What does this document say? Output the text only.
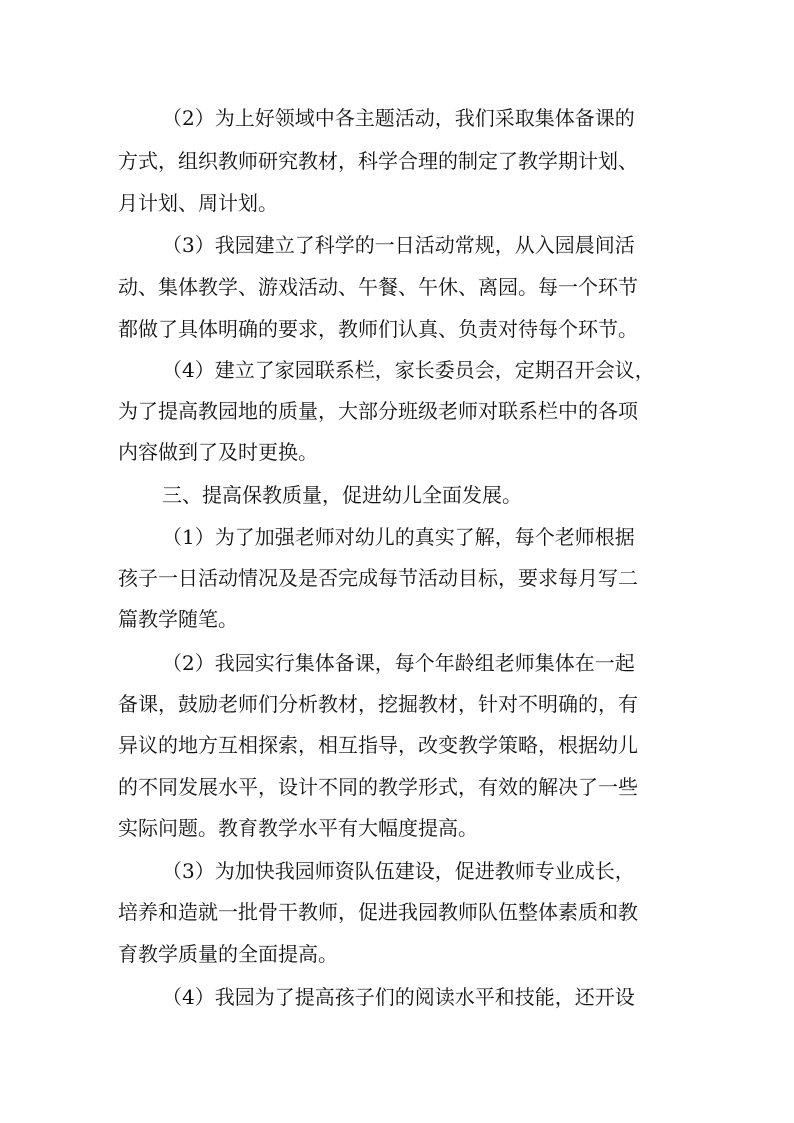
（2）为上好领域中各主题活动，我们采取集体备课的

方式，组织教师研究教材，科学合理的制定了教学期计划、

月计划、周计划。

（3）我园建立了科学的一日活动常规，从入园晨间活

动、集体教学、游戏活动、午餐、午休、离园。每一个环节

都做了具体明确的要求，教师们认真、负责对待每个环节。

（4）建立了家园联系栏，家长委员会，定期召开会议，

为了提高教园地的质量，大部分班级老师对联系栏中的各项

内容做到了及时更换。

三、提高保教质量，促进幼儿全面发展。

（1）为了加强老师对幼儿的真实了解，每个老师根据

孩子一日活动情况及是否完成每节活动目标，要求每月写二

篇教学随笔。

（2）我园实行集体备课，每个年龄组老师集体在一起

备课，鼓励老师们分析教材，挖掘教材，针对不明确的，有

异议的地方互相探索，相互指导，改变教学策略，根据幼儿

的不同发展水平，设计不同的教学形式，有效的解决了一些

实际问题。教育教学水平有大幅度提高。

（3）为加快我园师资队伍建设，促进教师专业成长，

培养和造就一批骨干教师，促进我园教师队伍整体素质和教

育教学质量的全面提高。

（4）我园为了提高孩子们的阅读水平和技能，还开设
